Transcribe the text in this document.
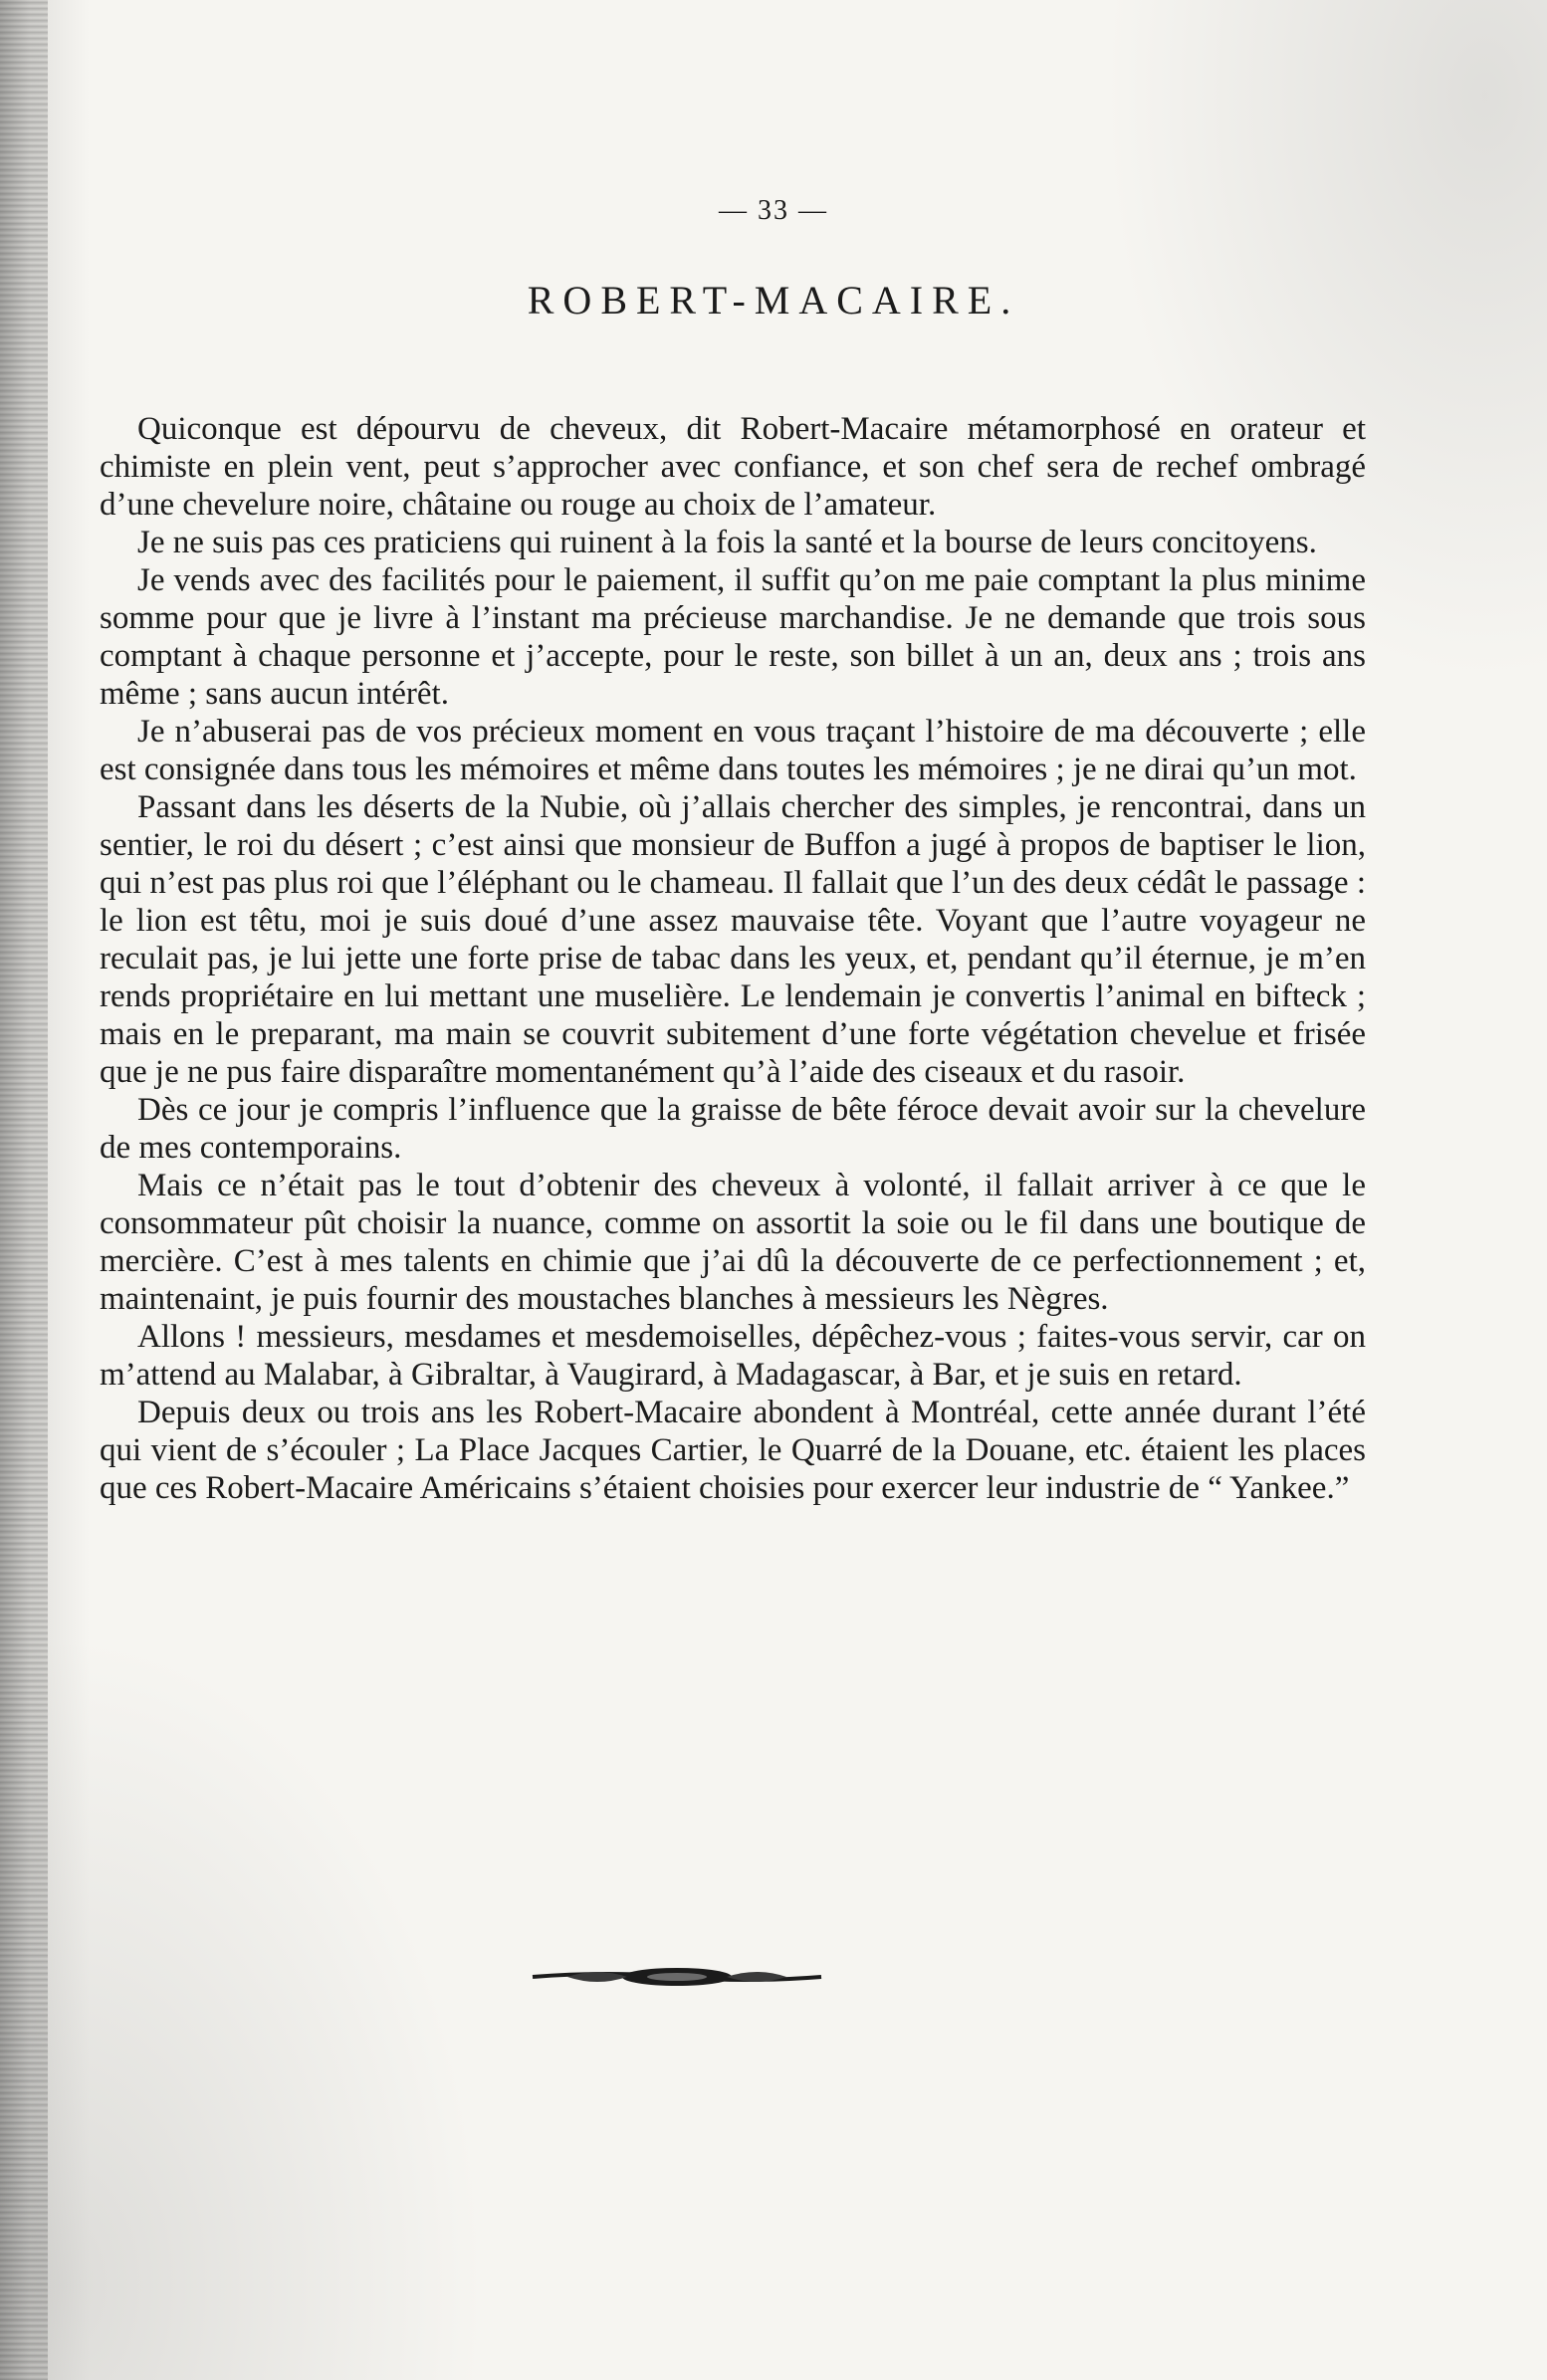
— 33 —
ROBERT-MACAIRE.

Quiconque est dépourvu de cheveux, dit Robert-Macaire métamorphosé en orateur et chimiste en plein vent, peut s’approcher avec confiance, et son chef sera de rechef ombragé d’une chevelure noire, châtaine ou rouge au choix de l’amateur.

Je ne suis pas ces praticiens qui ruinent à la fois la santé et la bourse de leurs concitoyens.

Je vends avec des facilités pour le paiement, il suffit qu’on me paie comptant la plus minime somme pour que je livre à l’instant ma précieuse marchandise. Je ne demande que trois sous comptant à chaque personne et j’accepte, pour le reste, son billet à un an, deux ans ; trois ans même ; sans aucun intérêt.

Je n’abuserai pas de vos précieux moment en vous traçant l’histoire de ma découverte ; elle est consignée dans tous les mémoires et même dans toutes les mémoires ; je ne dirai qu’un mot.

Passant dans les déserts de la Nubie, où j’allais chercher des simples, je rencontrai, dans un sentier, le roi du désert ; c’est ainsi que monsieur de Buffon a jugé à propos de baptiser le lion, qui n’est pas plus roi que l’éléphant ou le chameau. Il fallait que l’un des deux cédât le passage : le lion est têtu, moi je suis doué d’une assez mauvaise tête. Voyant que l’autre voyageur ne reculait pas, je lui jette une forte prise de tabac dans les yeux, et, pendant qu’il éternue, je m’en rends propriétaire en lui mettant une muselière. Le lendemain je convertis l’animal en bifteck ; mais en le preparant, ma main se couvrit subitement d’une forte végétation chevelue et frisée que je ne pus faire disparaître momentanément qu’à l’aide des ciseaux et du rasoir.

Dès ce jour je compris l’influence que la graisse de bête féroce devait avoir sur la chevelure de mes contemporains.

Mais ce n’était pas le tout d’obtenir des cheveux à volonté, il fallait arriver à ce que le consommateur pût choisir la nuance, comme on assortit la soie ou le fil dans une boutique de mercière. C’est à mes talents en chimie que j’ai dû la découverte de ce perfectionnement ; et, maintenaint, je puis fournir des moustaches blanches à messieurs les Nègres.

Allons ! messieurs, mesdames et mesdemoiselles, dépêchez-vous ; faites-vous servir, car on m’attend au Malabar, à Gibraltar, à Vaugirard, à Madagascar, à Bar, et je suis en retard.

Depuis deux ou trois ans les Robert-Macaire abondent à Montréal, cette année durant l’été qui vient de s’écouler ; La Place Jacques Cartier, le Quarré de la Douane, etc. étaient les places que ces Robert-Macaire Américains s’étaient choisies pour exercer leur industrie de “ Yankee.”
